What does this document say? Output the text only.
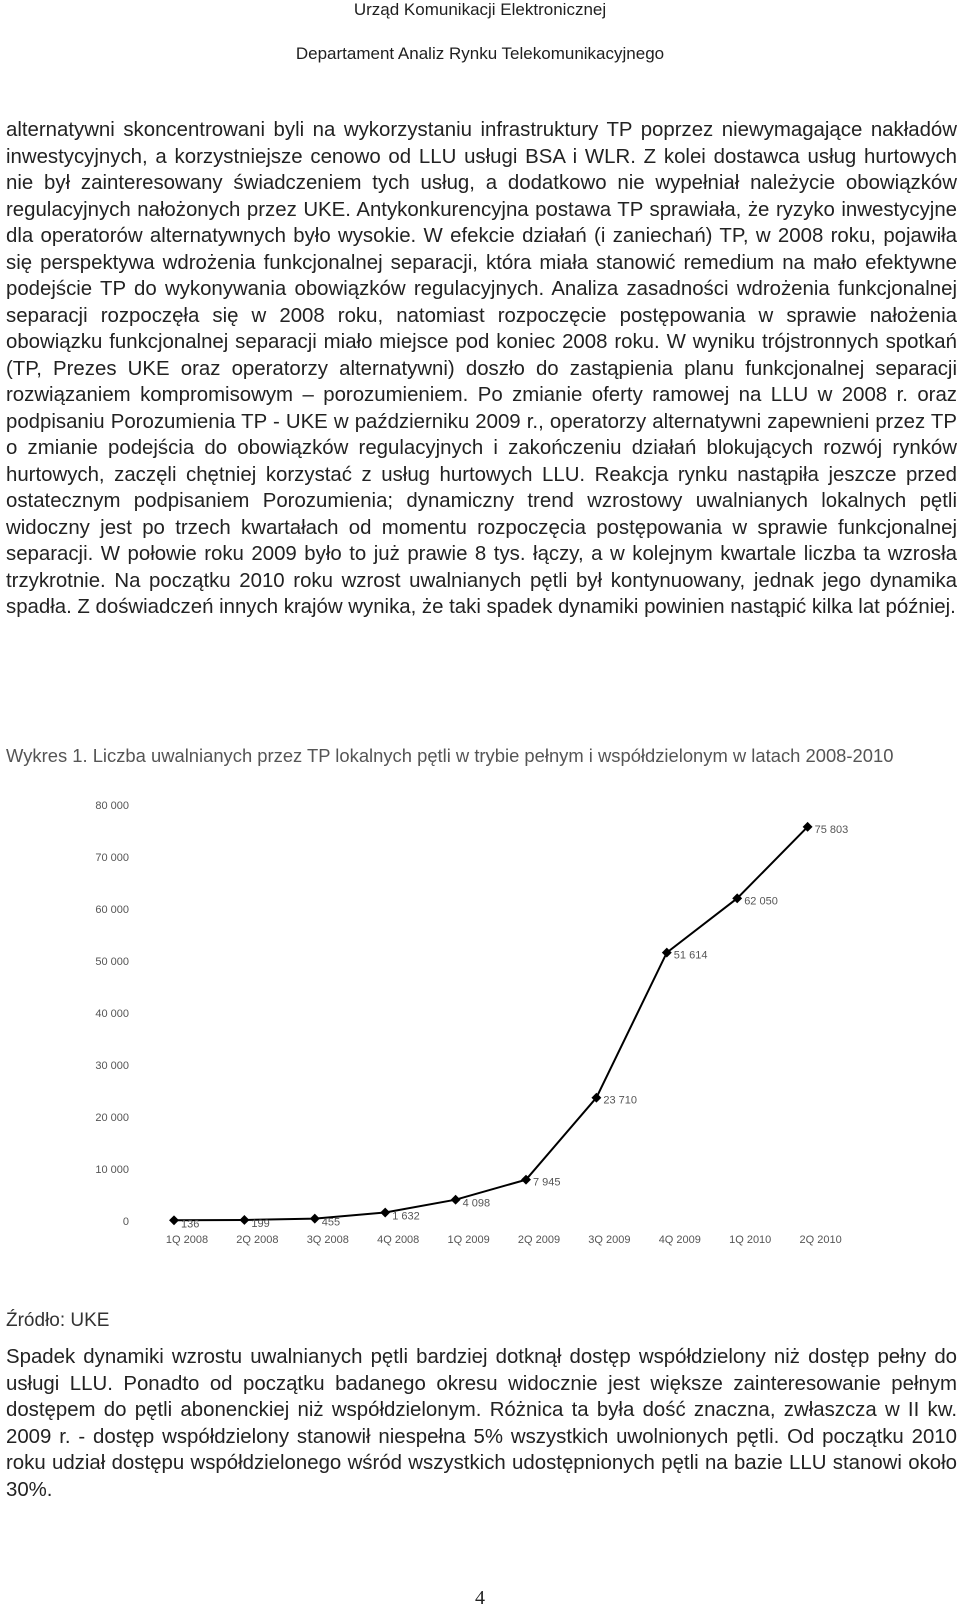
Urząd Komunikacji Elektronicznej
Departament Analiz Rynku Telekomunikacyjnego
alternatywni skoncentrowani byli na wykorzystaniu infrastruktury TP poprzez niewymagające nakładów inwestycyjnych, a korzystniejsze cenowo od LLU usługi BSA i WLR. Z kolei dostawca usług hurtowych nie był zainteresowany świadczeniem tych usług, a dodatkowo nie wypełniał należycie obowiązków regulacyjnych nałożonych przez UKE. Antykonkurencyjna postawa TP sprawiała, że ryzyko inwestycyjne dla operatorów alternatywnych było wysokie. W efekcie działań (i zaniechań) TP, w 2008 roku, pojawiła się perspektywa wdrożenia funkcjonalnej separacji, która miała stanowić remedium na mało efektywne podejście TP do wykonywania obowiązków regulacyjnych. Analiza zasadności wdrożenia funkcjonalnej separacji rozpoczęła się w 2008 roku, natomiast rozpoczęcie postępowania w sprawie nałożenia obowiązku funkcjonalnej separacji miało miejsce pod koniec 2008 roku. W wyniku trójstronnych spotkań (TP, Prezes UKE oraz operatorzy alternatywni) doszło do zastąpienia planu funkcjonalnej separacji rozwiązaniem kompromisowym – porozumieniem. Po zmianie oferty ramowej na LLU w 2008 r. oraz podpisaniu Porozumienia TP - UKE w październiku 2009 r., operatorzy alternatywni zapewnieni przez TP o zmianie podejścia do obowiązków regulacyjnych i zakończeniu działań blokujących rozwój rynków hurtowych, zaczęli chętniej korzystać z usług hurtowych LLU. Reakcja rynku nastąpiła jeszcze przed ostatecznym podpisaniem Porozumienia; dynamiczny trend wzrostowy uwalnianych lokalnych pętli widoczny jest po trzech kwartałach od momentu rozpoczęcia postępowania w sprawie funkcjonalnej separacji. W połowie roku 2009 było to już prawie 8 tys. łączy, a w kolejnym kwartale liczba ta wzrosła trzykrotnie. Na początku 2010 roku wzrost uwalnianych pętli był kontynuowany, jednak jego dynamika spadła. Z doświadczeń innych krajów wynika, że taki spadek dynamiki powinien nastąpić kilka lat później.
Wykres 1. Liczba uwalnianych przez TP lokalnych pętli w trybie pełnym i współdzielonym w latach 2008-2010
0
10 000
20 000
30 000
40 000
50 000
60 000
70 000
80 000
1Q 2008	2Q 2008	3Q 2008	4Q 2008	1Q 2009	2Q 2009	3Q 2009	4Q 2009	1Q 2010	2Q 2010
136	199	455
1 632
4 098
7 945
23 710
51 614
62 050
75 803
Źródło: UKE
Spadek dynamiki wzrostu uwalnianych pętli bardziej dotknął dostęp współdzielony niż dostęp pełny do usługi LLU. Ponadto od początku badanego okresu widocznie jest większe zainteresowanie pełnym dostępem do pętli abonenckiej niż współdzielonym. Różnica ta była dość znaczna, zwłaszcza w II kw. 2009 r. - dostęp współdzielony stanowił niespełna 5% wszystkich uwolnionych pętli. Od początku 2010 roku udział dostępu współdzielonego wśród wszystkich udostępnionych pętli na bazie LLU stanowi około 30%.
4
